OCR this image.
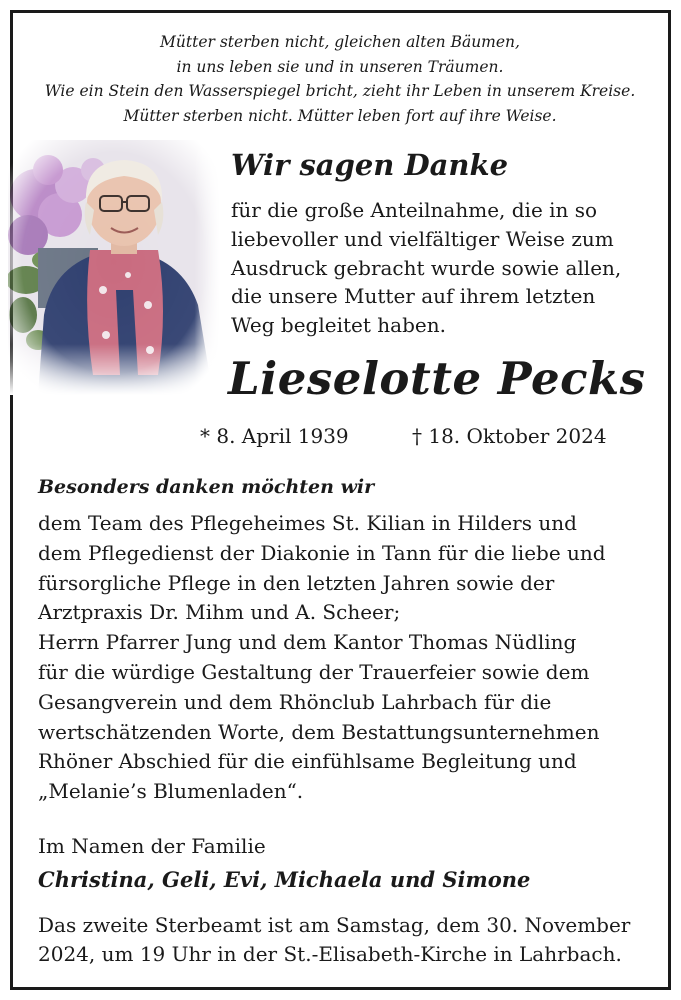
Mütter sterben nicht, gleichen alten Bäumen,
in uns leben sie und in unseren Träumen.
Wie ein Stein den Wasserspiegel bricht, zieht ihr Leben in unserem Kreise.
Mütter sterben nicht. Mütter leben fort auf ihre Weise.
Wir sagen Danke
für die große Anteilnahme, die in so
liebevoller und vielfältiger Weise zum
Ausdruck gebracht wurde sowie allen,
die unsere Mutter auf ihrem letzten
Weg begleitet haben.
Lieselotte Pecks
* 8. April 1939	† 18. Oktober 2024
Besonders danken möchten wir
dem Team des Pflegeheimes St. Kilian in Hilders und
dem Pflegedienst der Diakonie in Tann für die liebe und
fürsorgliche Pflege in den letzten Jahren sowie der
Arztpraxis Dr. Mihm und A. Scheer;
Herrn Pfarrer Jung und dem Kantor Thomas Nüdling
für die würdige Gestaltung der Trauerfeier sowie dem
Gesangverein und dem Rhönclub Lahrbach für die
wertschätzenden Worte, dem Bestattungsunternehmen
Rhöner Abschied für die einfühlsame Begleitung und
„Melanie’s Blumenladen“.
Im Namen der Familie
Christina, Geli, Evi, Michaela und Simone
Das zweite Sterbeamt ist am Samstag, dem 30. November
2024, um 19 Uhr in der St.-Elisabeth-Kirche in Lahrbach.
